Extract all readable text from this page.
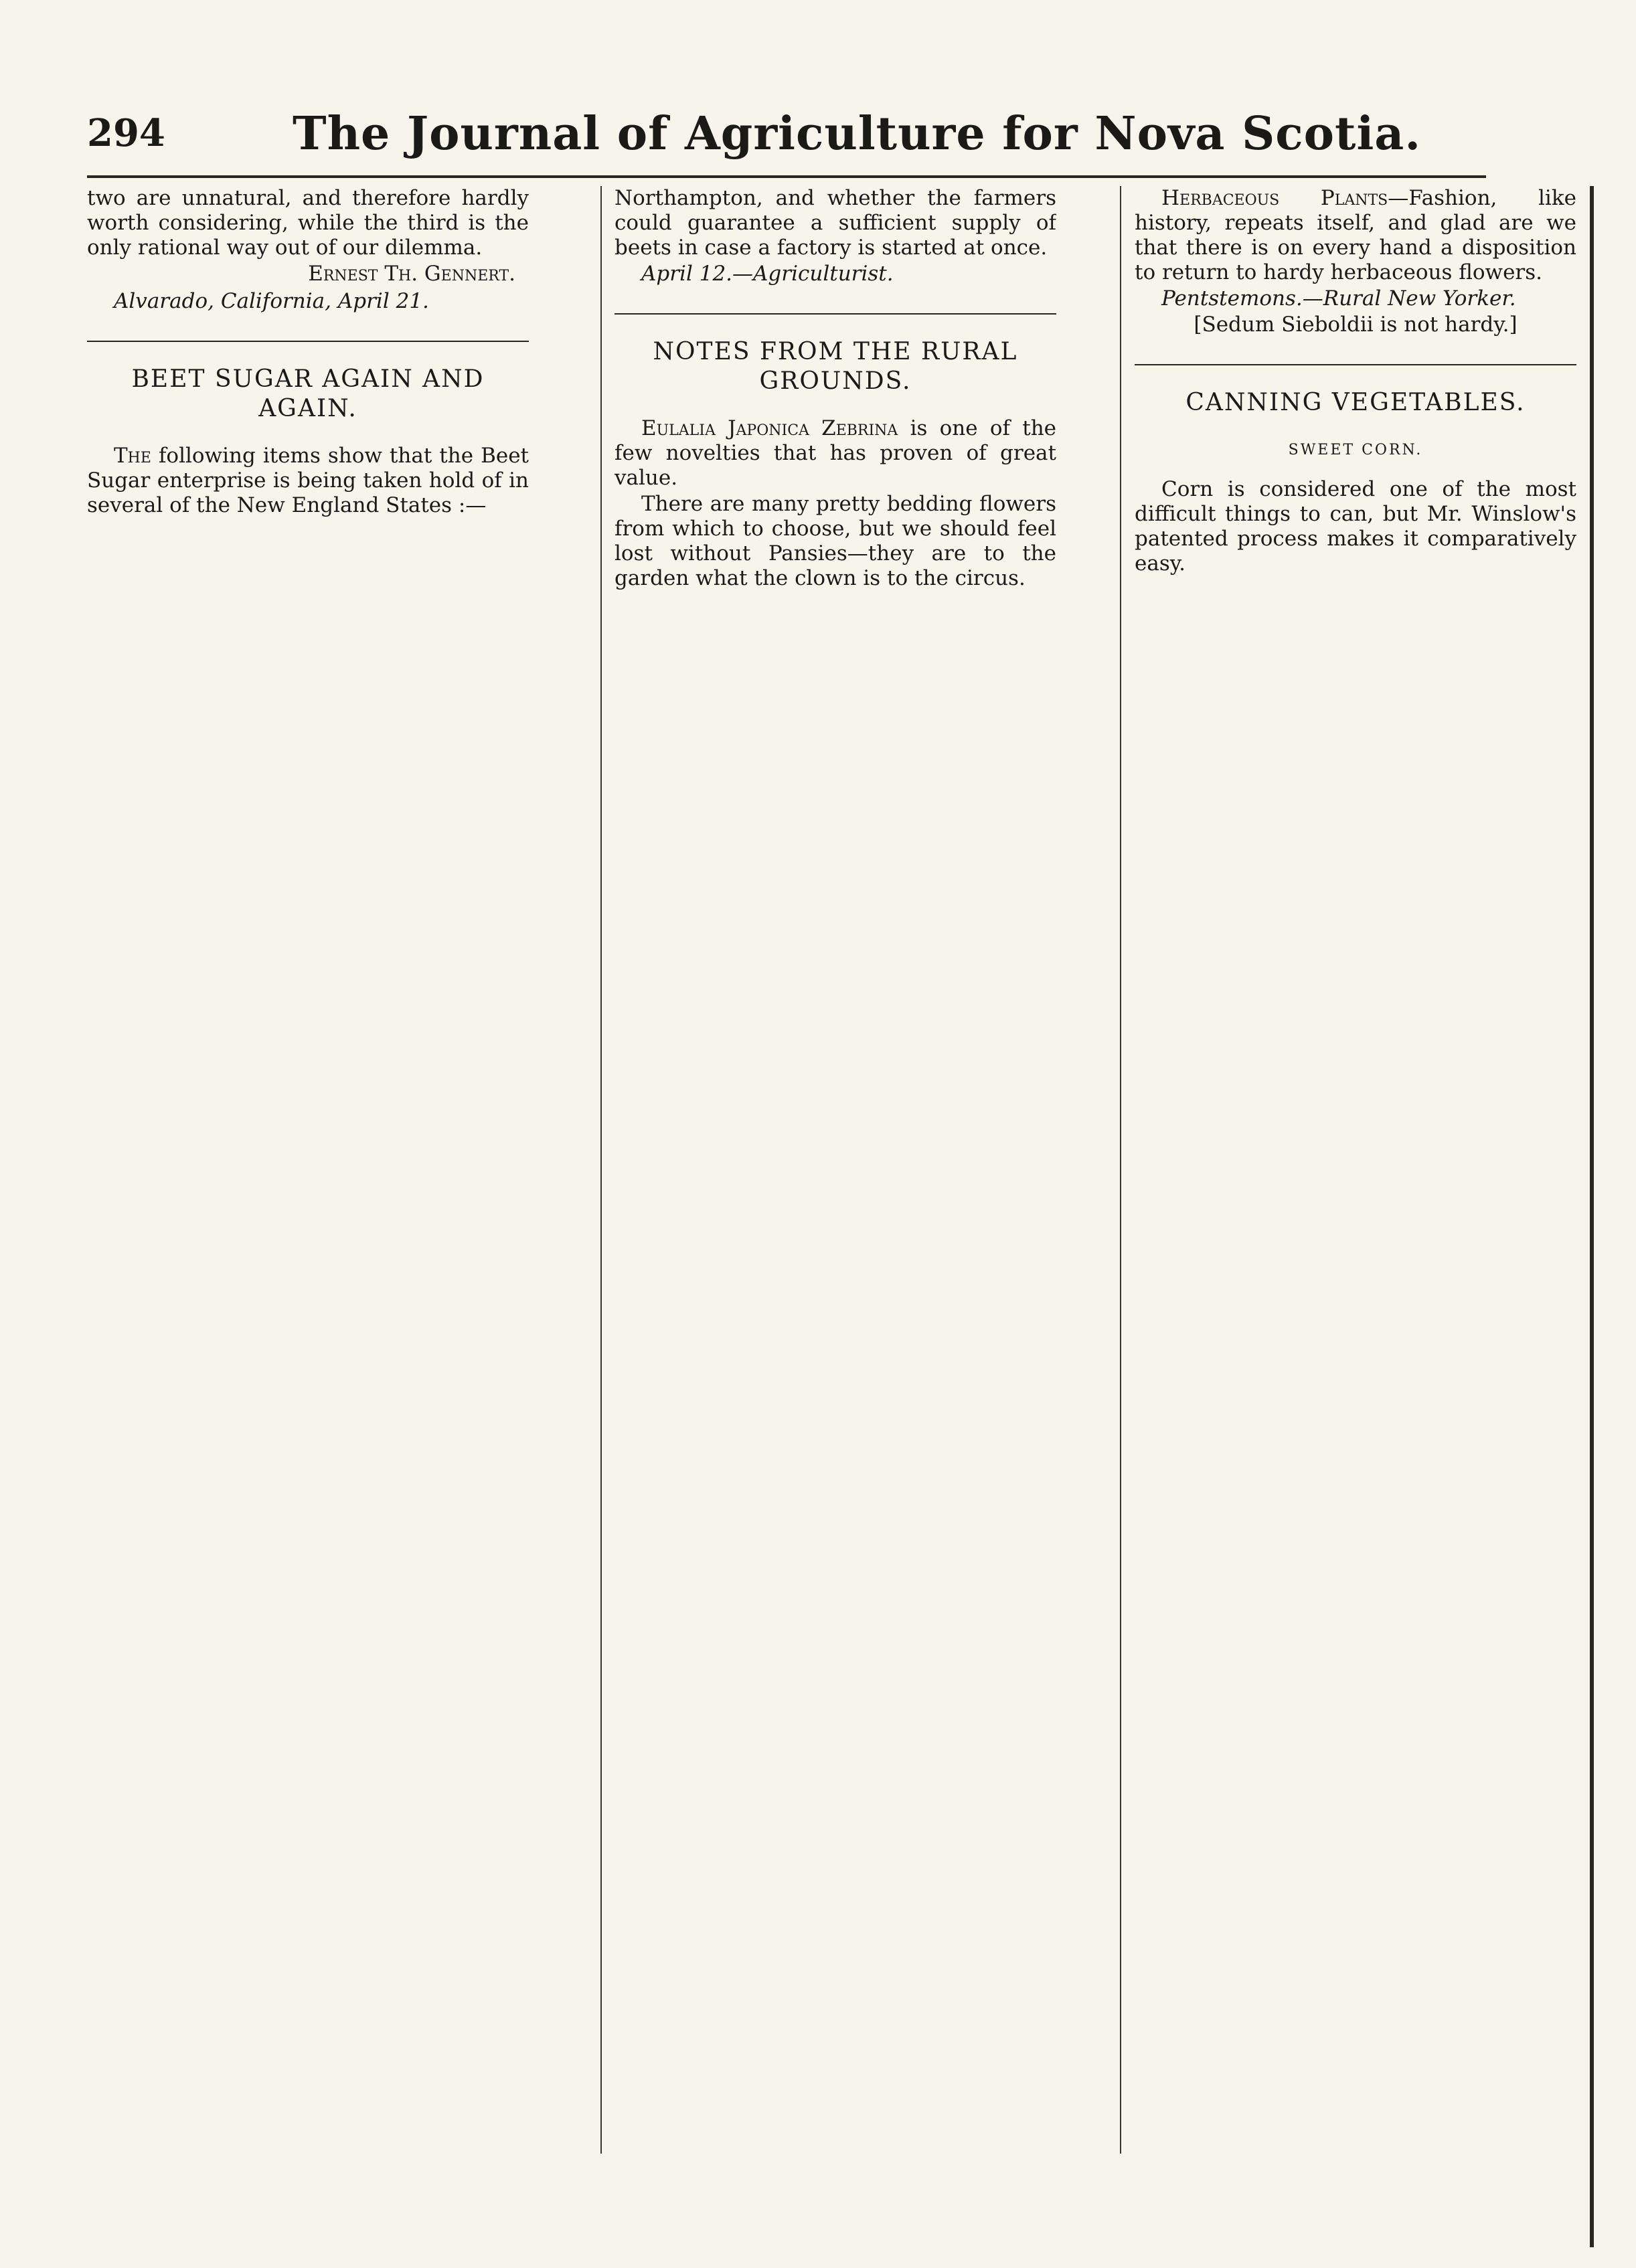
294	The Journal of Agriculture for Nova Scotia.

two are unnatural, and therefore hardly worth considering, while the third is the only rational way out of our dilemma.

Ernest Th. Gennert.

Alvarado, California, April 21.

BEET SUGAR AGAIN AND AGAIN.

The following items show that the Beet Sugar enterprise is being taken hold of in several of the New England States :—

Northampton, and whether the farmers could guarantee a sufficient supply of beets in case a factory is started at once.

April 12.—Agriculturist.

NOTES FROM THE RURAL GROUNDS.

Eulalia Japonica Zebrina is one of the few novelties that has proven of great value.

There are many pretty bedding flowers from which to choose, but we should feel lost without Pansies—they are to the garden what the clown is to the circus.

Herbaceous Plants—Fashion, like history, repeats itself, and glad are we that there is on every hand a disposition to return to hardy herbaceous flowers.

Pentstemons.—Rural New Yorker.

[Sedum Sieboldii is not hardy.]

CANNING VEGETABLES.
SWEET CORN.

Corn is considered one of the most difficult things to can, but Mr. Winslow's patented process makes it comparatively easy.
